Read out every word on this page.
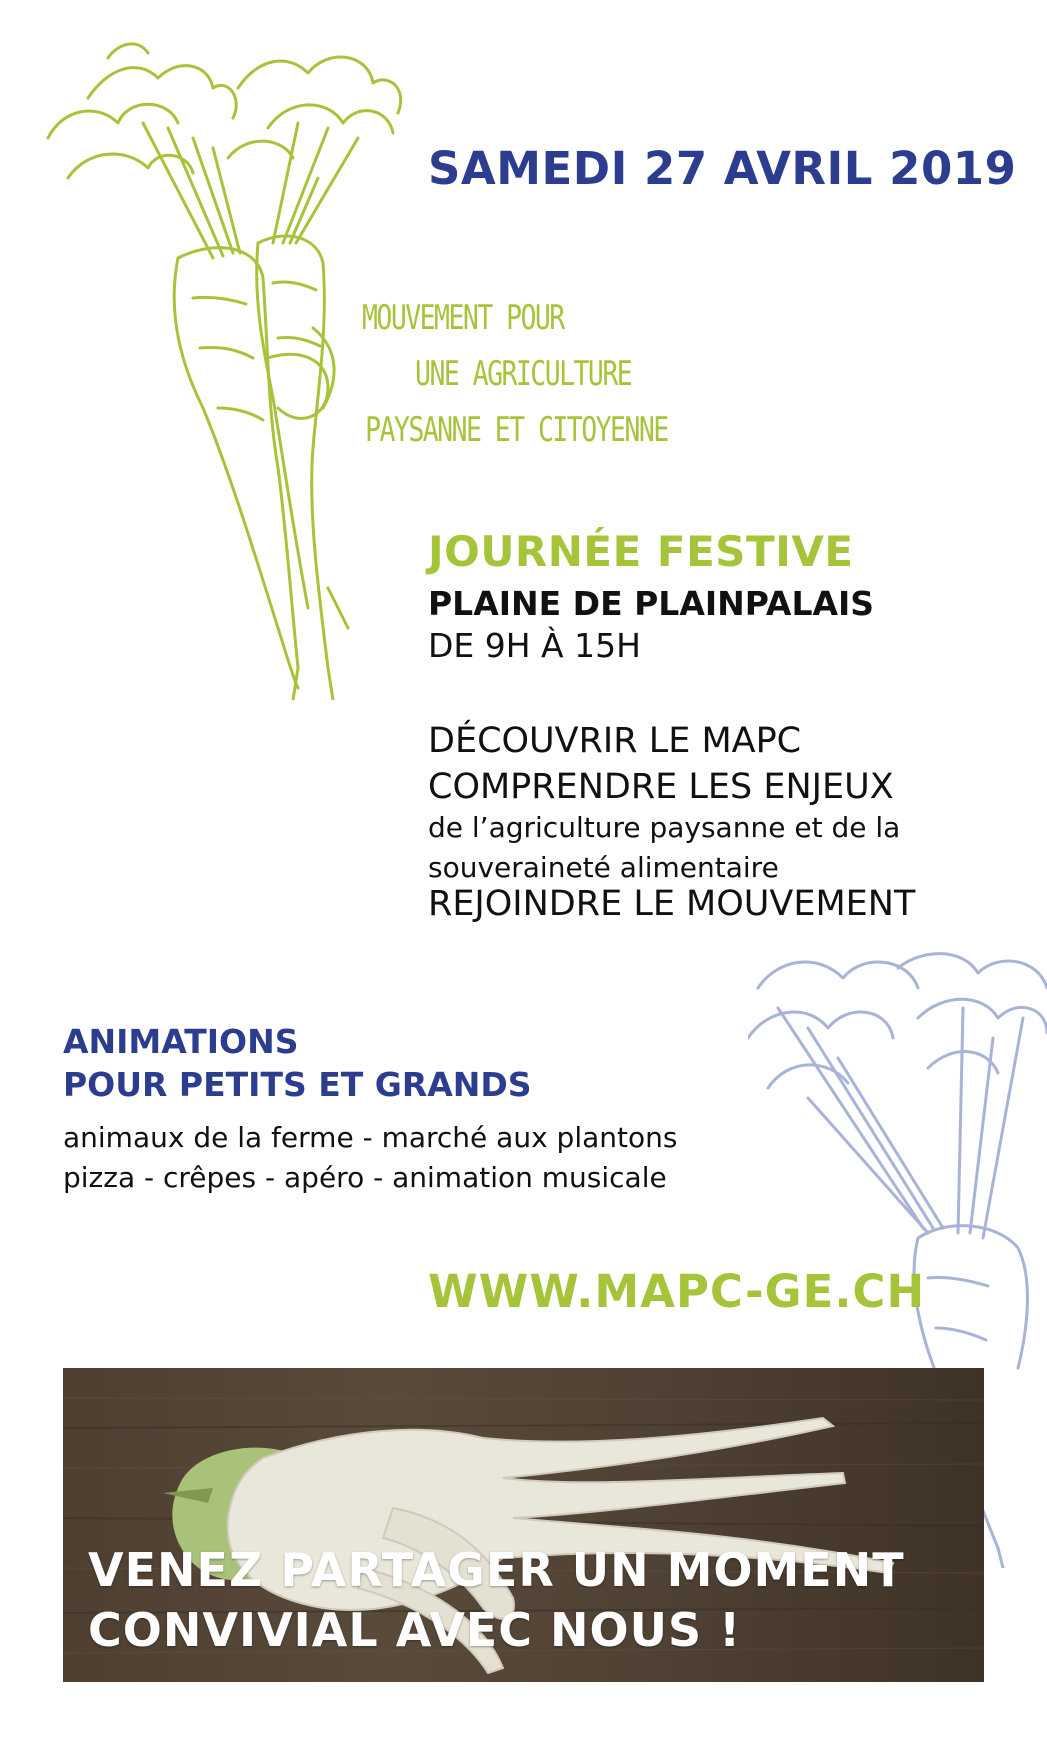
SAMEDI 27 AVRIL 2019
MOUVEMENT POUR
UNE AGRICULTURE
PAYSANNE ET CITOYENNE
JOURNÉE FESTIVE
PLAINE DE PLAINPALAIS
DE 9H À 15H
DÉCOUVRIR LE MAPC
COMPRENDRE LES ENJEUX
de l’agriculture paysanne et de la
souveraineté alimentaire
REJOINDRE LE MOUVEMENT
ANIMATIONS
POUR PETITS ET GRANDS
animaux de la ferme - marché aux plantons
pizza - crêpes - apéro - animation musicale
WWW.MAPC-GE.CH
VENEZ PARTAGER UN MOMENT
CONVIVIAL AVEC NOUS !
